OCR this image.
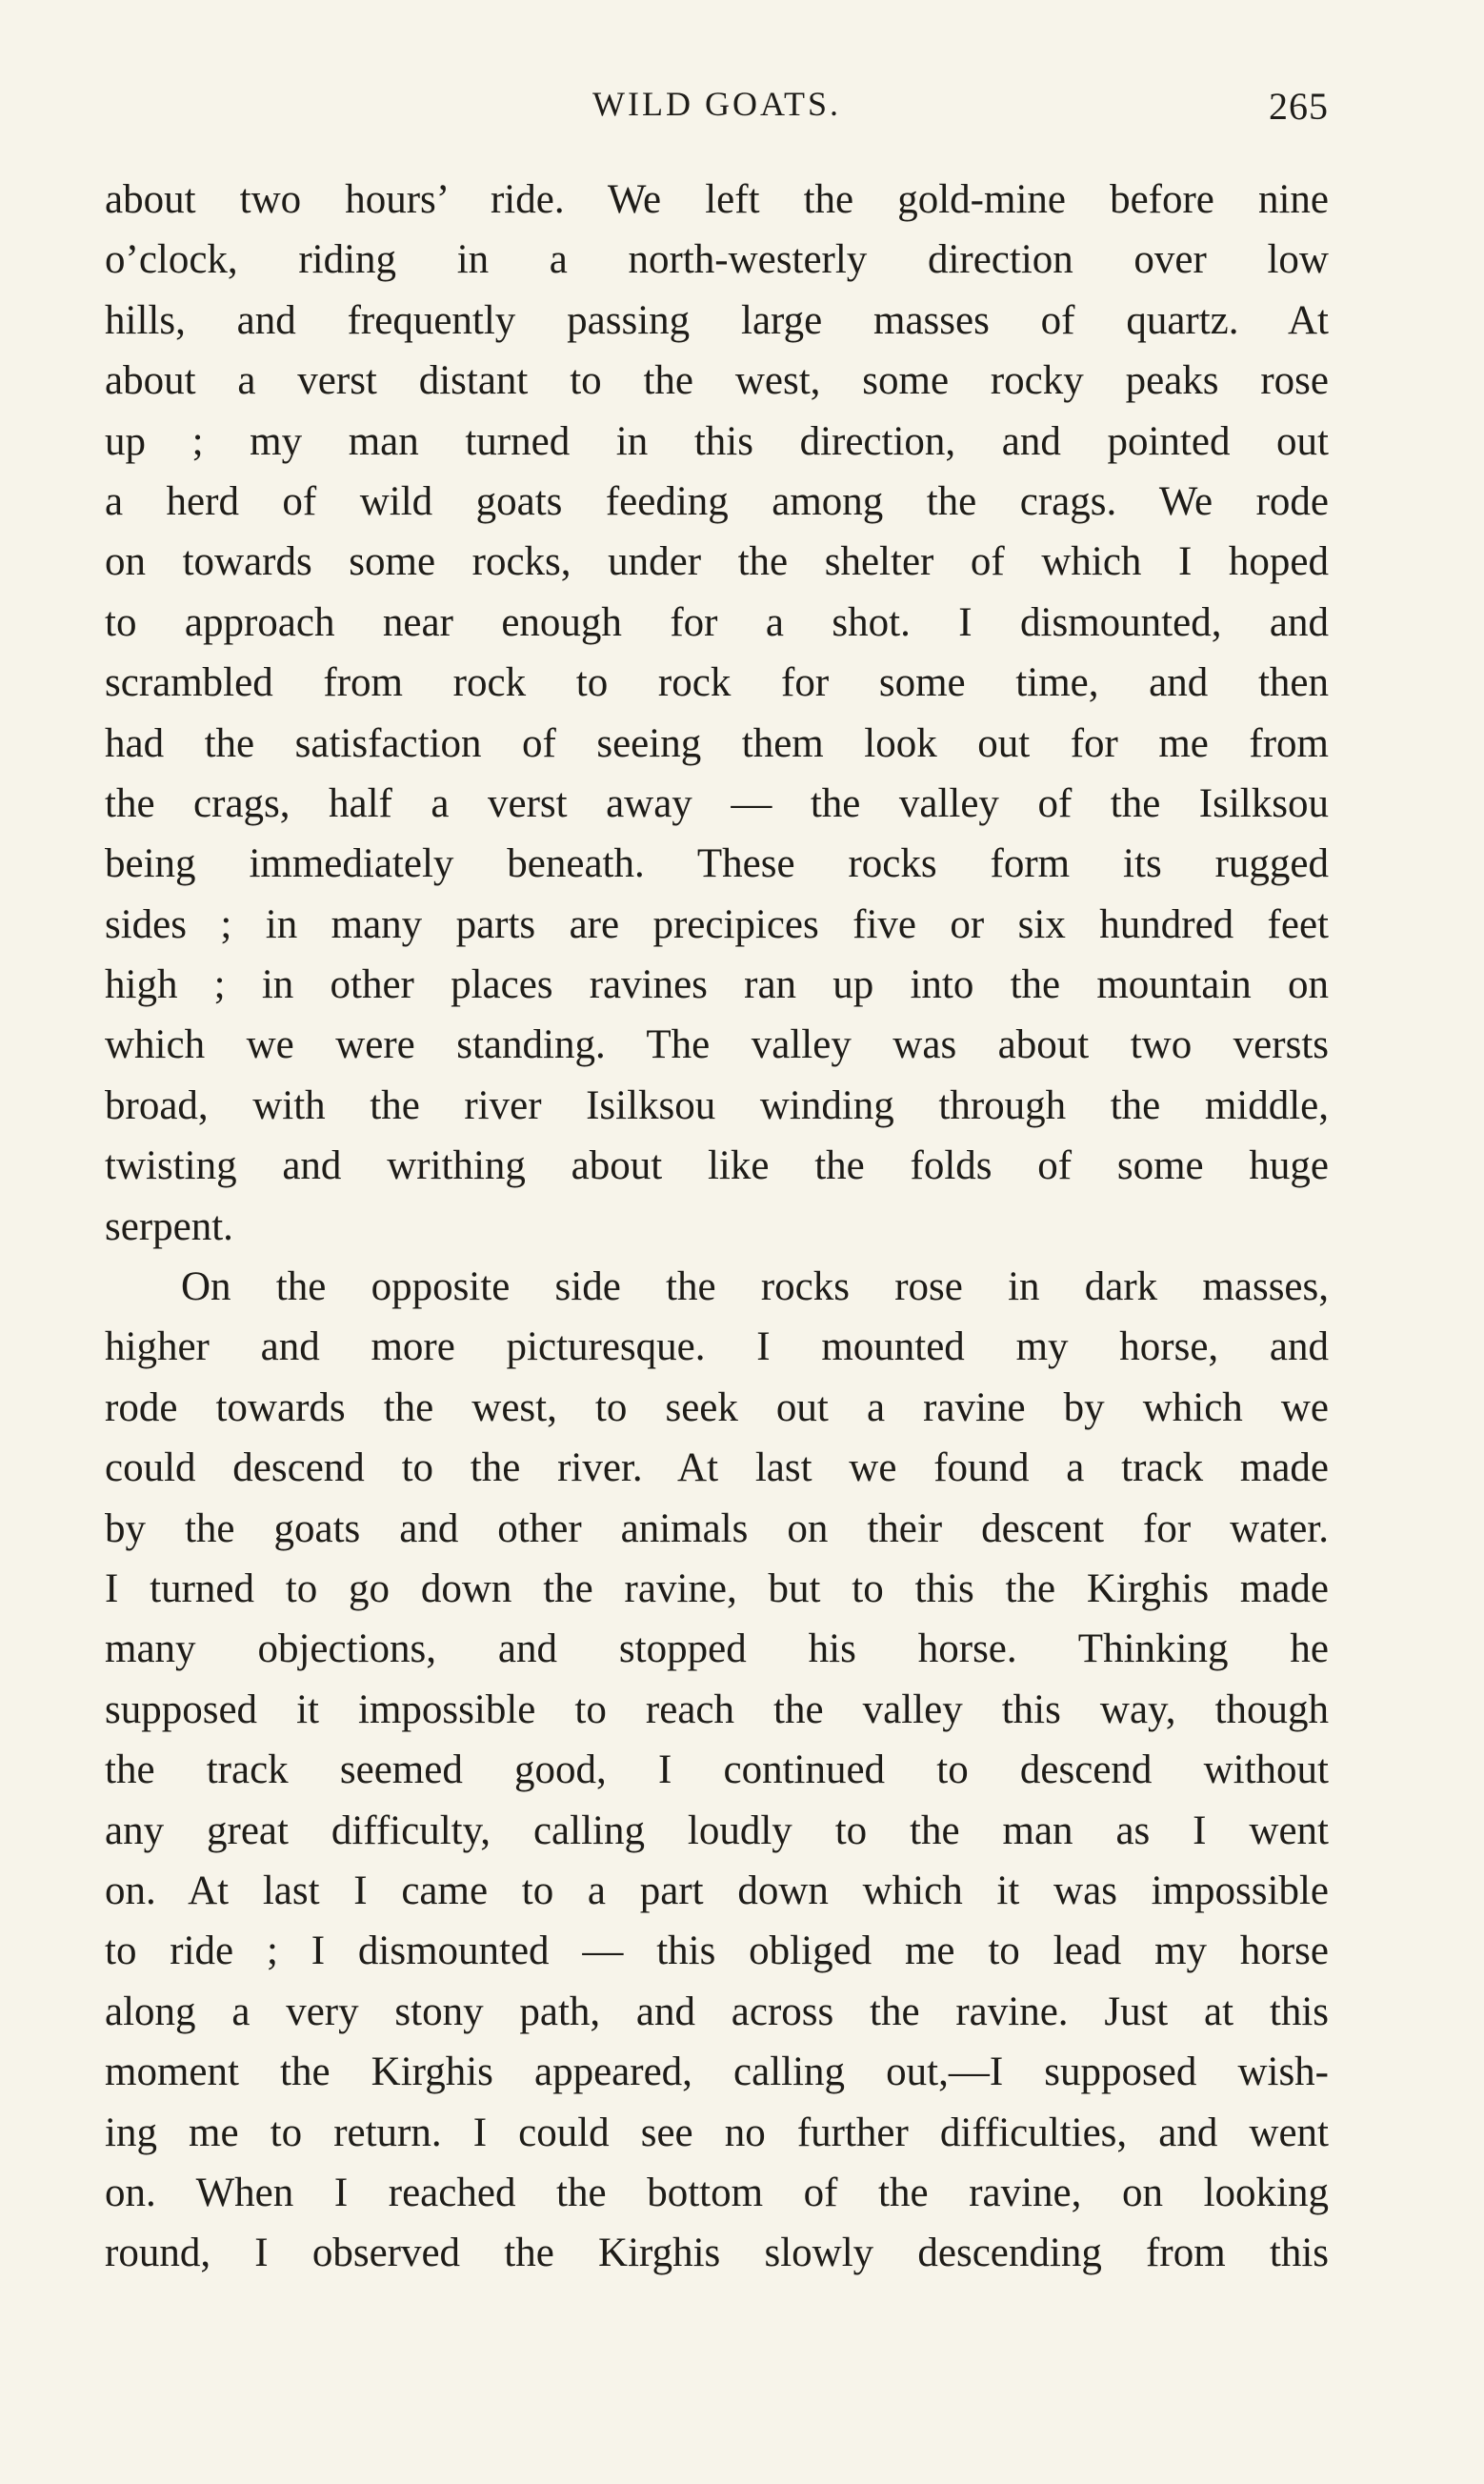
WILD GOATS.	265
about two hours’ ride. We left the gold-mine before nine
o’clock, riding in a north-westerly direction over low
hills, and frequently passing large masses of quartz. At
about a verst distant to the west, some rocky peaks rose
up ; my man turned in this direction, and pointed out
a herd of wild goats feeding among the crags. We rode
on towards some rocks, under the shelter of which I hoped
to approach near enough for a shot. I dismounted, and
scrambled from rock to rock for some time, and then
had the satisfaction of seeing them look out for me from
the crags, half a verst away — the valley of the Isilksou
being immediately beneath. These rocks form its rugged
sides ; in many parts are precipices five or six hundred feet
high ; in other places ravines ran up into the mountain on
which we were standing. The valley was about two versts
broad, with the river Isilksou winding through the middle,
twisting and writhing about like the folds of some huge
serpent.
On the opposite side the rocks rose in dark masses,
higher and more picturesque. I mounted my horse, and
rode towards the west, to seek out a ravine by which we
could descend to the river. At last we found a track made
by the goats and other animals on their descent for water.
I turned to go down the ravine, but to this the Kirghis made
many objections, and stopped his horse. Thinking he
supposed it impossible to reach the valley this way, though
the track seemed good, I continued to descend without
any great difficulty, calling loudly to the man as I went
on. At last I came to a part down which it was impossible
to ride ; I dismounted — this obliged me to lead my horse
along a very stony path, and across the ravine. Just at this
moment the Kirghis appeared, calling out,—I supposed wish-
ing me to return. I could see no further difficulties, and went
on. When I reached the bottom of the ravine, on looking
round, I observed the Kirghis slowly descending from this
